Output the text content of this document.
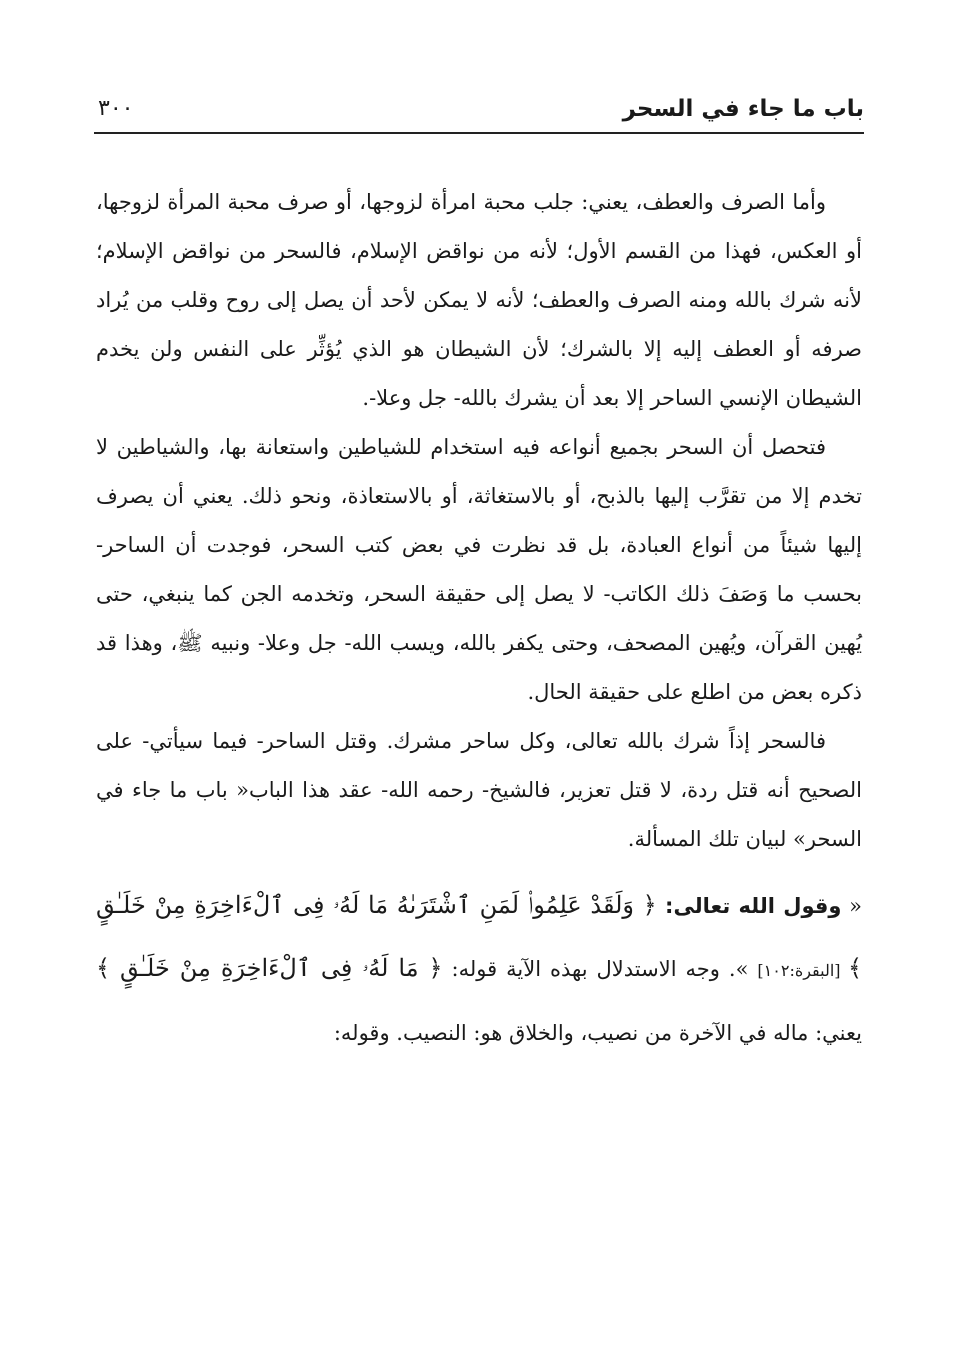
باب ما جاء في السحر
٣٠٠

وأما الصرف والعطف، يعني: جلب محبة امرأة لزوجها، أو صرف محبة المرأة لزوجها، أو العكس، فهذا من القسم الأول؛ لأنه من نواقض الإسلام، فالسحر من نواقض الإسلام؛ لأنه شرك بالله ومنه الصرف والعطف؛ لأنه لا يمكن لأحد أن يصل إلى روح وقلب من يُراد صرفه أو العطف إليه إلا بالشرك؛ لأن الشيطان هو الذي يُؤثِّر على النفس ولن يخدم الشيطان الإنسي الساحر إلا بعد أن يشرك بالله- جل وعلا-.

فتحصل أن السحر بجميع أنواعه فيه استخدام للشياطين واستعانة بها، والشياطين لا تخدم إلا من تقرَّب إليها بالذبح، أو بالاستغاثة، أو بالاستعاذة، ونحو ذلك. يعني أن يصرف إليها شيئاً من أنواع العبادة، بل قد نظرت في بعض كتب السحر، فوجدت أن الساحر- بحسب ما وَصَفَ ذلك الكاتب- لا يصل إلى حقيقة السحر، وتخدمه الجن كما ينبغي، حتى يُهين القرآن، ويُهين المصحف، وحتى يكفر بالله، ويسب الله- جل وعلا- ونبيه ﷺ، وهذا قد ذكره بعض من اطلع على حقيقة الحال.

فالسحر إذاً شرك بالله تعالى، وكل ساحر مشرك. وقتل الساحر- فيما سيأتي- على الصحيح أنه قتل ردة، لا قتل تعزير، فالشيخ- رحمه الله- عقد هذا الباب« باب ما جاء في السحر» لبيان تلك المسألة.

« وقول الله تعالى: ﴿ وَلَقَدْ عَلِمُوا۟ لَمَنِ ٱشْتَرَىٰهُ مَا لَهُۥ فِى ٱلْءَاخِرَةِ مِنْ خَلَـٰقٍ ﴾ [البقرة:١٠٢] ». وجه الاستدلال بهذه الآية قوله: ﴿ مَا لَهُۥ فِى ٱلْءَاخِرَةِ مِنْ خَلَـٰقٍ ﴾ يعني: ماله في الآخرة من نصيب، والخلاق هو: النصيب. وقوله:
